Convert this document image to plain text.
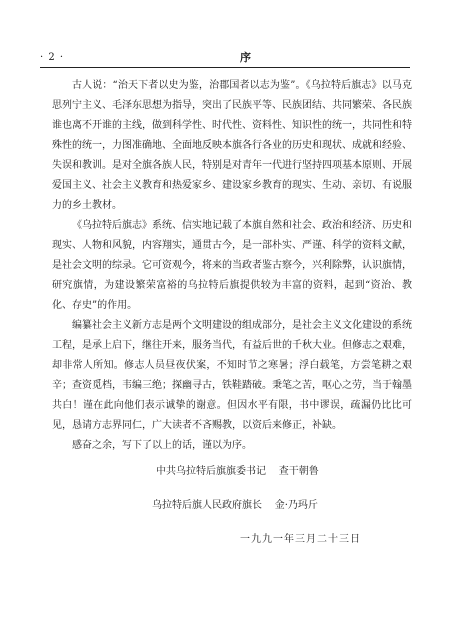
· 2 ·	序

古人说：“治天下者以史为鉴，治郡国者以志为鉴”。《乌拉特后旗志》以马克思列宁主义、毛泽东思想为指导，突出了民族平等、民族团结、共同繁荣、各民族谁也离不开谁的主线，做到科学性、时代性、资料性、知识性的统一，共同性和特殊性的统一，力图准确地、全面地反映本旗各行各业的历史和现状、成就和经验、失误和教训。是对全旗各族人民，特别是对青年一代进行坚持四项基本原则、开展爱国主义、社会主义教育和热爱家乡、建设家乡教育的现实、生动、亲切、有说服力的乡土教材。

《乌拉特后旗志》系统、信实地记载了本旗自然和社会、政治和经济、历史和现实、人物和风貌，内容翔实，通贯古今，是一部朴实、严谨、科学的资料文献，是社会文明的综录。它可资观今，将来的当政者鉴古察今，兴利除弊，认识旗情，研究旗情，为建设繁荣富裕的乌拉特后旗提供较为丰富的资料，起到“资治、教化、存史”的作用。

编纂社会主义新方志是两个文明建设的组成部分，是社会主义文化建设的系统工程，是承上启下，继往开来，服务当代，有益后世的千秋大业。但修志之艰难，却非常人所知。修志人员昼夜伏案，不知时节之寒暑；浮白载笔，方尝笔耕之艰辛；查资觅档，韦编三绝；探幽寻古，铁鞋踏破。秉笔之苦，呕心之劳，当于翰墨共白！谨在此向他们表示诚挚的谢意。但因水平有限，书中谬误，疏漏仍比比可见，恳请方志界同仁，广大读者不吝赐教，以资后来修正，补缺。

感奋之余，写下了以上的话，谨以为序。

中共乌拉特后旗旗委书记 查干朝鲁
乌拉特后旗人民政府旗长 金·乃玛斤
一九九一年三月二十三日
